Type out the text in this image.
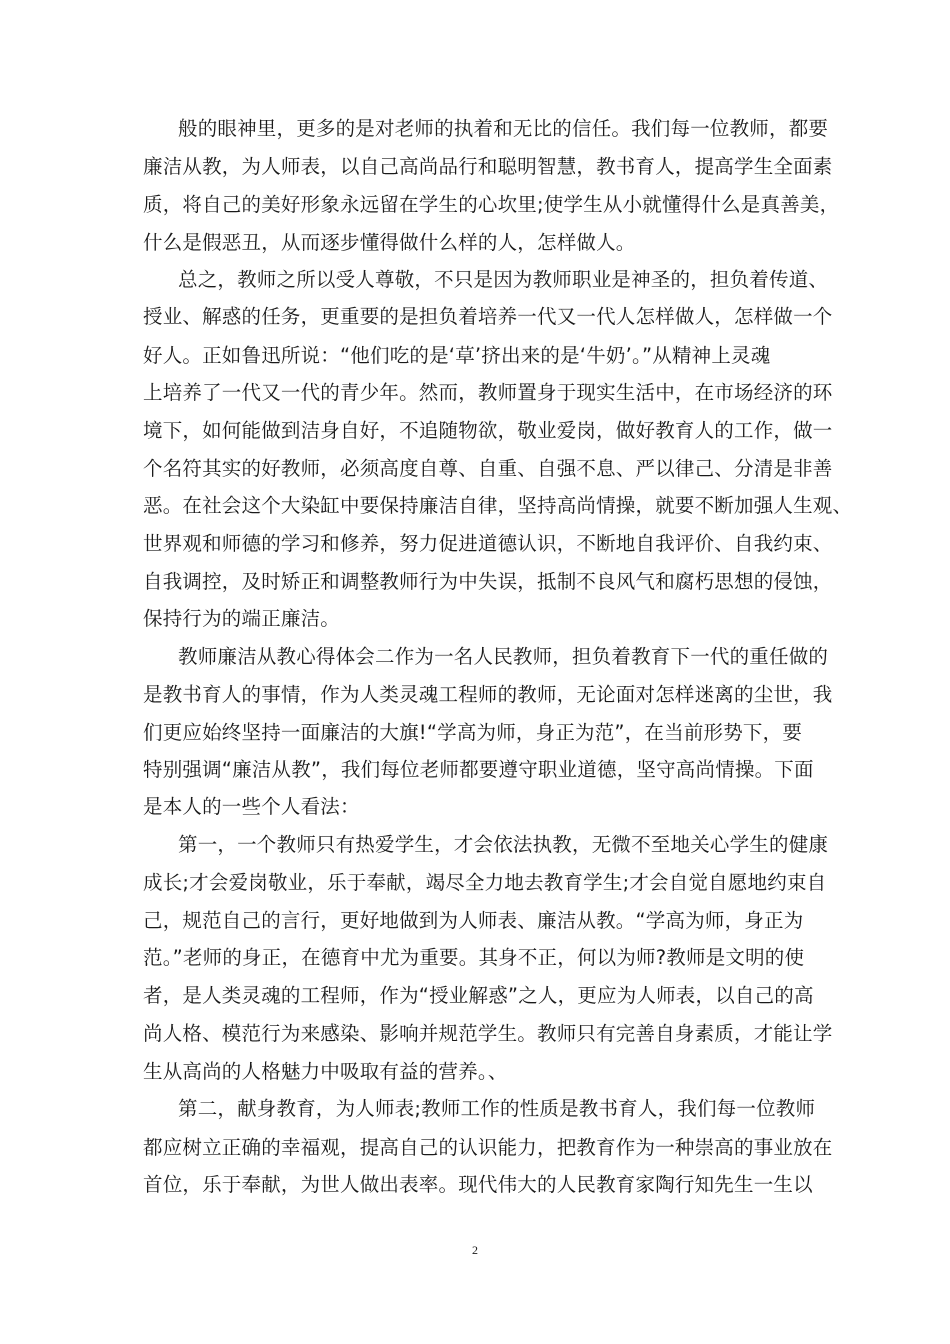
般的眼神里，更多的是对老师的执着和无比的信任。我们每一位教师，都要
廉洁从教，为人师表，以自己高尚品行和聪明智慧，教书育人，提高学生全面素
质，将自己的美好形象永远留在学生的心坎里;使学生从小就懂得什么是真善美，
什么是假恶丑，从而逐步懂得做什么样的人，怎样做人。
总之，教师之所以受人尊敬，不只是因为教师职业是神圣的，担负着传道、
授业、解惑的任务，更重要的是担负着培养一代又一代人怎样做人，怎样做一个
好人。正如鲁迅所说：“他们吃的是‘草’挤出来的是‘牛奶’。”从精神上灵魂
上培养了一代又一代的青少年。然而，教师置身于现实生活中，在市场经济的环
境下，如何能做到洁身自好，不追随物欲，敬业爱岗，做好教育人的工作，做一
个名符其实的好教师，必须高度自尊、自重、自强不息、严以律己、分清是非善
恶。在社会这个大染缸中要保持廉洁自律，坚持高尚情操，就要不断加强人生观、
世界观和师德的学习和修养，努力促进道德认识，不断地自我评价、自我约束、
自我调控，及时矫正和调整教师行为中失误，抵制不良风气和腐朽思想的侵蚀，
保持行为的端正廉洁。
教师廉洁从教心得体会二作为一名人民教师，担负着教育下一代的重任做的
是教书育人的事情，作为人类灵魂工程师的教师，无论面对怎样迷离的尘世，我
们更应始终坚持一面廉洁的大旗!“学高为师，身正为范”，在当前形势下，要
特别强调“廉洁从教”，我们每位老师都要遵守职业道德，坚守高尚情操。下面
是本人的一些个人看法：
第一，一个教师只有热爱学生，才会依法执教，无微不至地关心学生的健康
成长;才会爱岗敬业，乐于奉献，竭尽全力地去教育学生;才会自觉自愿地约束自
己，规范自己的言行，更好地做到为人师表、廉洁从教。“学高为师，身正为
范。”老师的身正，在德育中尤为重要。其身不正，何以为师?教师是文明的使
者，是人类灵魂的工程师，作为“授业解惑”之人，更应为人师表，以自己的高
尚人格、模范行为来感染、影响并规范学生。教师只有完善自身素质，才能让学
生从高尚的人格魅力中吸取有益的营养。、
第二，献身教育，为人师表;教师工作的性质是教书育人，我们每一位教师
都应树立正确的幸福观，提高自己的认识能力，把教育作为一种崇高的事业放在
首位，乐于奉献，为世人做出表率。现代伟大的人民教育家陶行知先生一生以
2
